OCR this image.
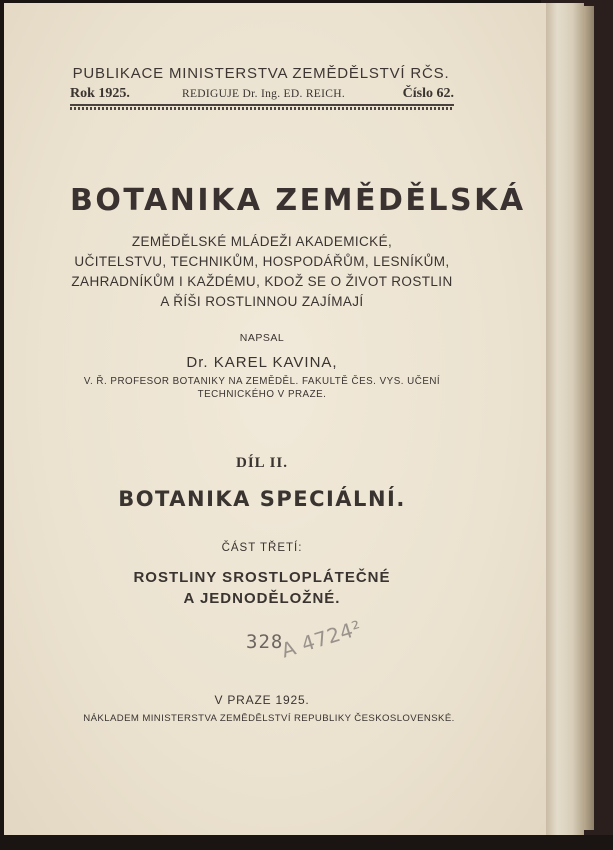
PUBLIKACE MINISTERSTVA ZEMĚDĚLSTVÍ RČS.
Rok 1925.	REDIGUJE Dr. Ing. ED. REICH.	Číslo 62.
BOTANIKA ZEMĚDĚLSKÁ
ZEMĚDĚLSKÉ MLÁDEŽI AKADEMICKÉ,
UČITELSTVU, TECHNIKŮM, HOSPODÁŘŮM, LESNÍKŮM,
ZAHRADNÍKŮM I KAŽDÉMU, KDOŽ SE O ŽIVOT ROSTLIN
A ŘÍŠI ROSTLINNOU ZAJÍMAJÍ
NAPSAL
Dr. KAREL KAVINA,
V. Ř. PROFESOR BOTANIKY NA ZEMĚDĚL. FAKULTĚ ČES. VYS. UČENÍ
TECHNICKÉHO V PRAZE.
DÍL II.
BOTANIKA SPECIÁLNÍ.
ČÁST TŘETÍ:
ROSTLINY SROSTLOPLÁTEČNÉ
A JEDNODĚLOŽNÉ.
328
A 4724²
V PRAZE 1925.
NÁKLADEM MINISTERSTVA ZEMĚDĚLSTVÍ REPUBLIKY ČESKOSLOVENSKÉ.
